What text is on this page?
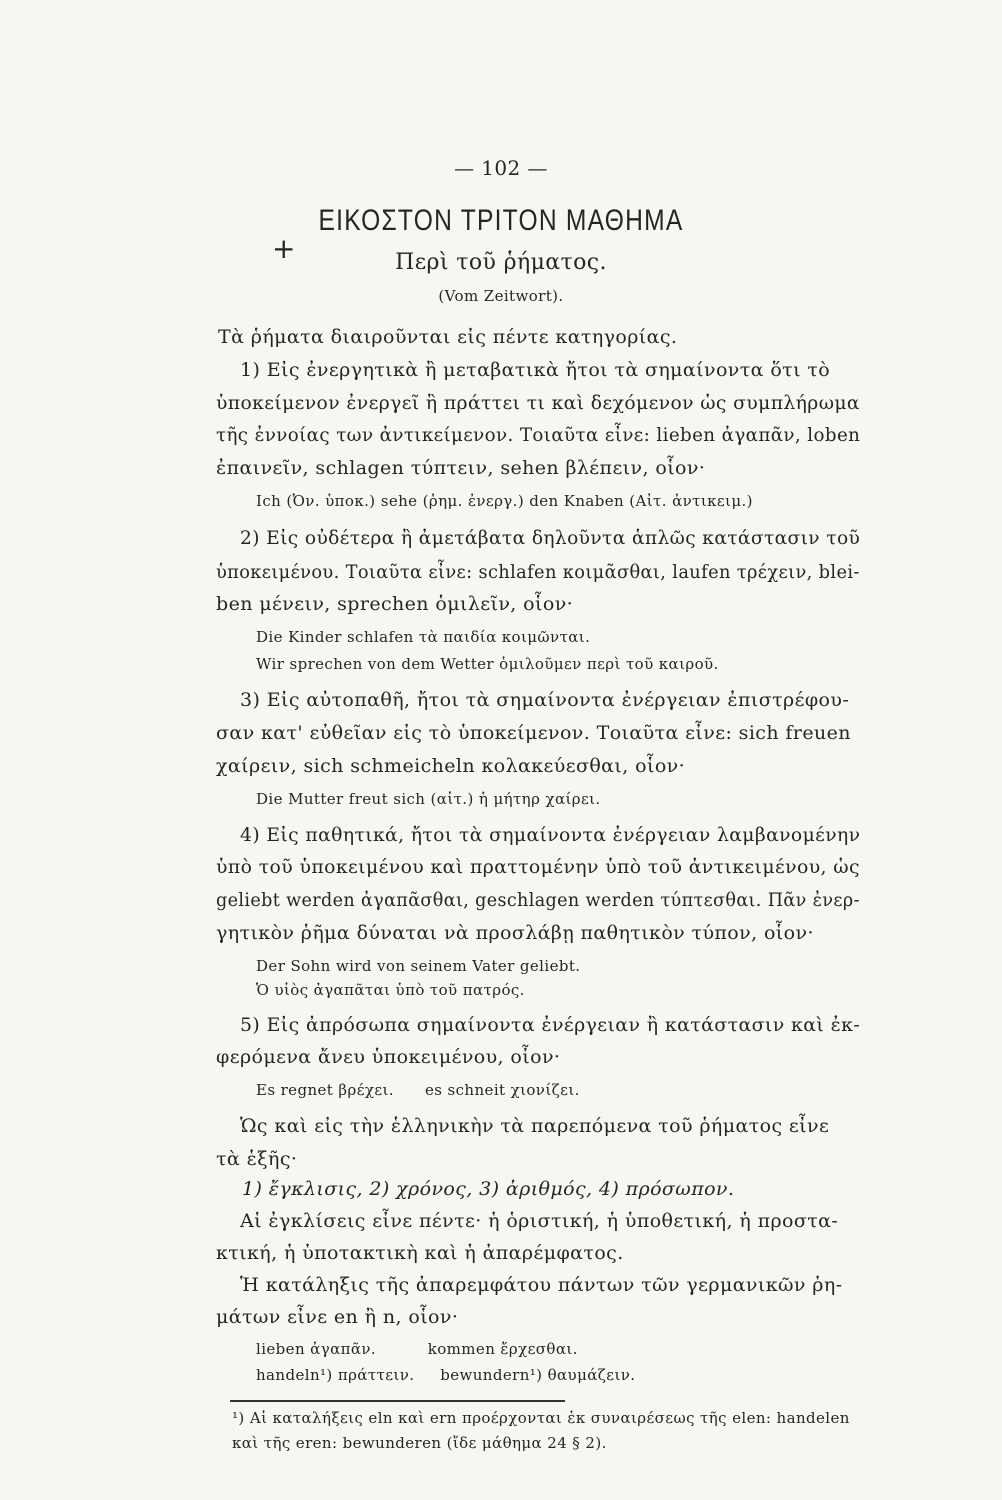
— 102 —
+
ΕΙΚΟΣΤΟΝ ΤΡΙΤΟΝ ΜΑΘΗΜΑ
Περὶ τοῦ ῥήματος.
(Vom Zeitwort).
Τὰ ῥήματα διαιροῦνται εἰς πέντε κατηγορίας.
1) Εἰς ἐνεργητικὰ ἢ μεταβατικὰ ἤτοι τὰ σημαίνοντα ὅτι τὸ
ὑποκείμενον ἐνεργεῖ ἢ πράττει τι καὶ δεχόμενον ὡς συμπλήρωμα
τῆς ἐννοίας των ἀντικείμενον. Τοιαῦτα εἶνε: lieben ἀγαπᾶν, loben
ἐπαινεῖν, schlagen τύπτειν, sehen βλέπειν, οἷον·
Ich (Ὀν. ὑποκ.) sehe (ῥημ. ἐνεργ.) den Knaben (Αἰτ. ἀντικειμ.)
2) Εἰς οὐδέτερα ἢ ἀμετάβατα δηλοῦντα ἁπλῶς κατάστασιν τοῦ
ὑποκειμένου. Τοιαῦτα εἶνε: schlafen κοιμᾶσθαι, laufen τρέχειν, blei-
ben μένειν, sprechen ὁμιλεῖν, οἷον·
Die Kinder schlafen τὰ παιδία κοιμῶνται.
Wir sprechen von dem Wetter ὁμιλοῦμεν περὶ τοῦ καιροῦ.
3) Εἰς αὐτοπαθῆ, ἤτοι τὰ σημαίνοντα ἐνέργειαν ἐπιστρέφου-
σαν κατ' εὐθεῖαν εἰς τὸ ὑποκείμενον. Τοιαῦτα εἶνε: sich freuen
χαίρειν, sich schmeicheln κολακεύεσθαι, οἷον·
Die Mutter freut sich (αἰτ.) ἡ μήτηρ χαίρει.
4) Εἰς παθητικά, ἤτοι τὰ σημαίνοντα ἐνέργειαν λαμβανομένην
ὑπὸ τοῦ ὑποκειμένου καὶ πραττομένην ὑπὸ τοῦ ἀντικειμένου, ὡς
geliebt werden ἀγαπᾶσθαι, geschlagen werden τύπτεσθαι. Πᾶν ἐνερ-
γητικὸν ῥῆμα δύναται νὰ προσλάβῃ παθητικὸν τύπον, οἷον·
Der Sohn wird von seinem Vater geliebt.
Ὁ υἱὸς ἀγαπᾶται ὑπὸ τοῦ πατρός.
5) Εἰς ἀπρόσωπα σημαίνοντα ἐνέργειαν ἢ κατάστασιν καὶ ἐκ-
φερόμενα ἄνευ ὑποκειμένου, οἷον·
Es regnet βρέχει.      es schneit χιονίζει.
Ὡς καὶ εἰς τὴν ἑλληνικὴν τὰ παρεπόμενα τοῦ ῥήματος εἶνε
τὰ ἑξῆς·
1) ἔγκλισις, 2) χρόνος, 3) ἀριθμός, 4) πρόσωπον.
Αἱ ἐγκλίσεις εἶνε πέντε· ἡ ὁριστική, ἡ ὑποθετική, ἡ προστα-
κτική, ἡ ὑποτακτικὴ καὶ ἡ ἀπαρέμφατος.
Ἡ κατάληξις τῆς ἀπαρεμφάτου πάντων τῶν γερμανικῶν ῥη-
μάτων εἶνε en ἢ n, οἷον·
lieben ἀγαπᾶν.          kommen ἔρχεσθαι.
handeln¹) πράττειν.     bewundern¹) θαυμάζειν.
¹) Αἱ καταλήξεις eln καὶ ern προέρχονται ἐκ συναιρέσεως τῆς elen: handelen
καὶ τῆς eren: bewunderen (ἴδε μάθημα 24 § 2).
